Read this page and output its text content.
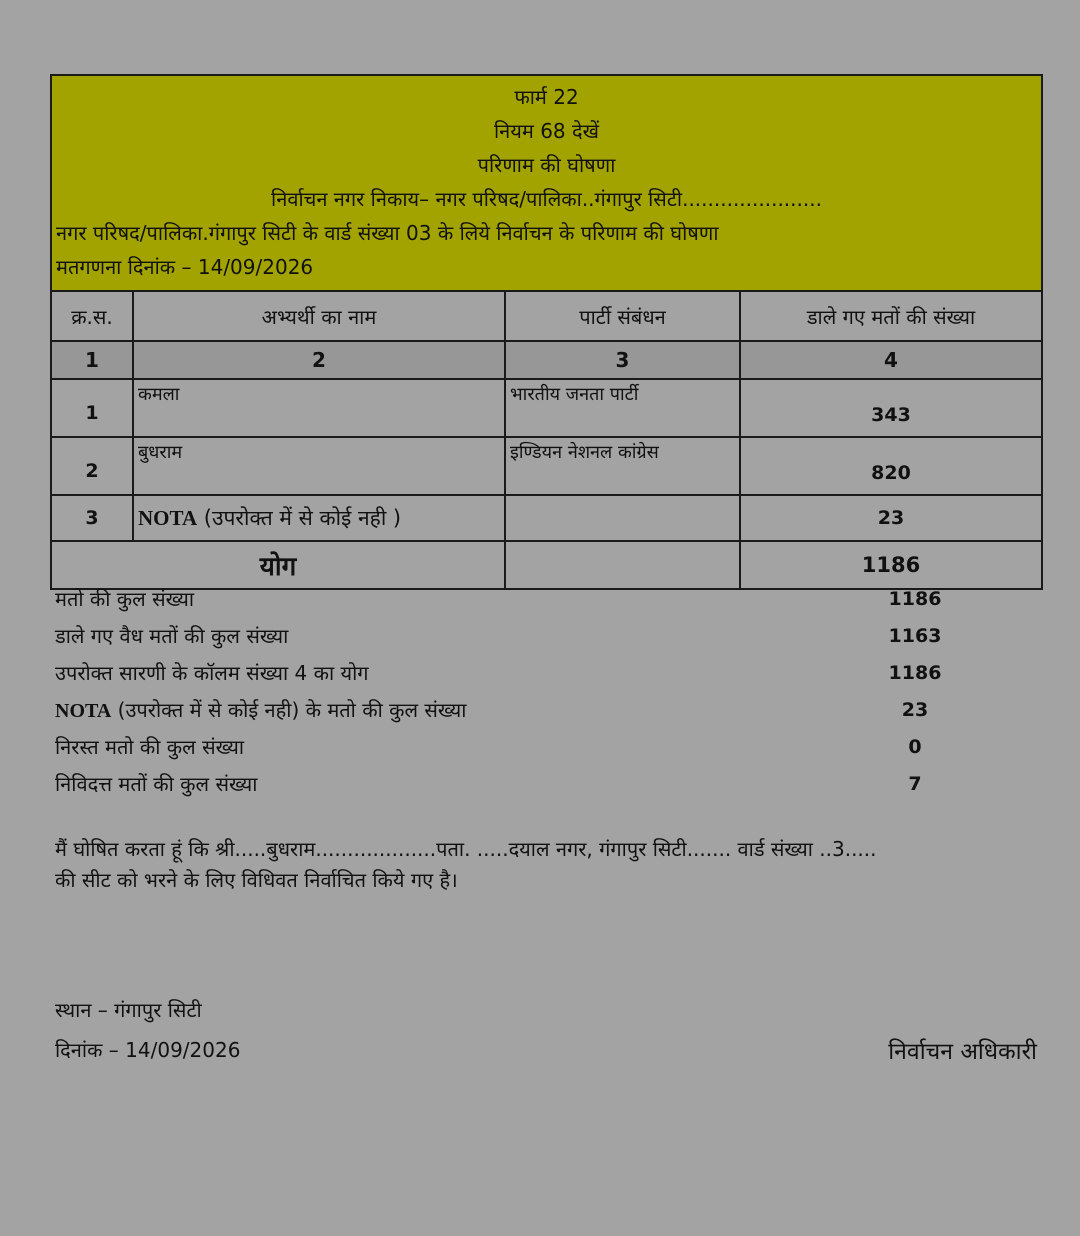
फार्म 22
नियम 68 देखें
परिणाम की घोषणा
निर्वाचन नगर निकाय– नगर परिषद/पालिका..गंगापुर सिटी......................
नगर परिषद/पालिका.गंगापुर सिटी के वार्ड संख्या 03 के लिये निर्वाचन के परिणाम की घोषणा
मतगणना दिनांक – 14/09/2026
क्र.स.	अभ्यर्थी का नाम	पार्टी संबंधन	डाले गए मतों की संख्या
1	2	3	4
1	कमला	भारतीय जनता पार्टी	343
2	बुधराम	इण्डियन नेशनल कांग्रेस	820
3	NOTA (उपरोक्त में से कोई नही )		23
योग			1186
मतो की कुल संख्या	1186
डाले गए वैध मतों की कुल संख्या	1163
उपरोक्त सारणी के कॉलम संख्या 4 का योग	1186
NOTA (उपरोक्त में से कोई नही) के मतो की कुल संख्या	23
निरस्त मतो की कुल संख्या	0
निविदत्त मतों की कुल संख्या	7
मैं घोषित करता हूं कि श्री.....बुधराम...................पता. .....दयाल नगर, गंगापुर सिटी....... वार्ड संख्या ..3.....
की सीट को भरने के लिए विधिवत निर्वाचित किये गए है।
स्थान – गंगापुर सिटी
दिनांक – 14/09/2026	निर्वाचन अधिकारी
